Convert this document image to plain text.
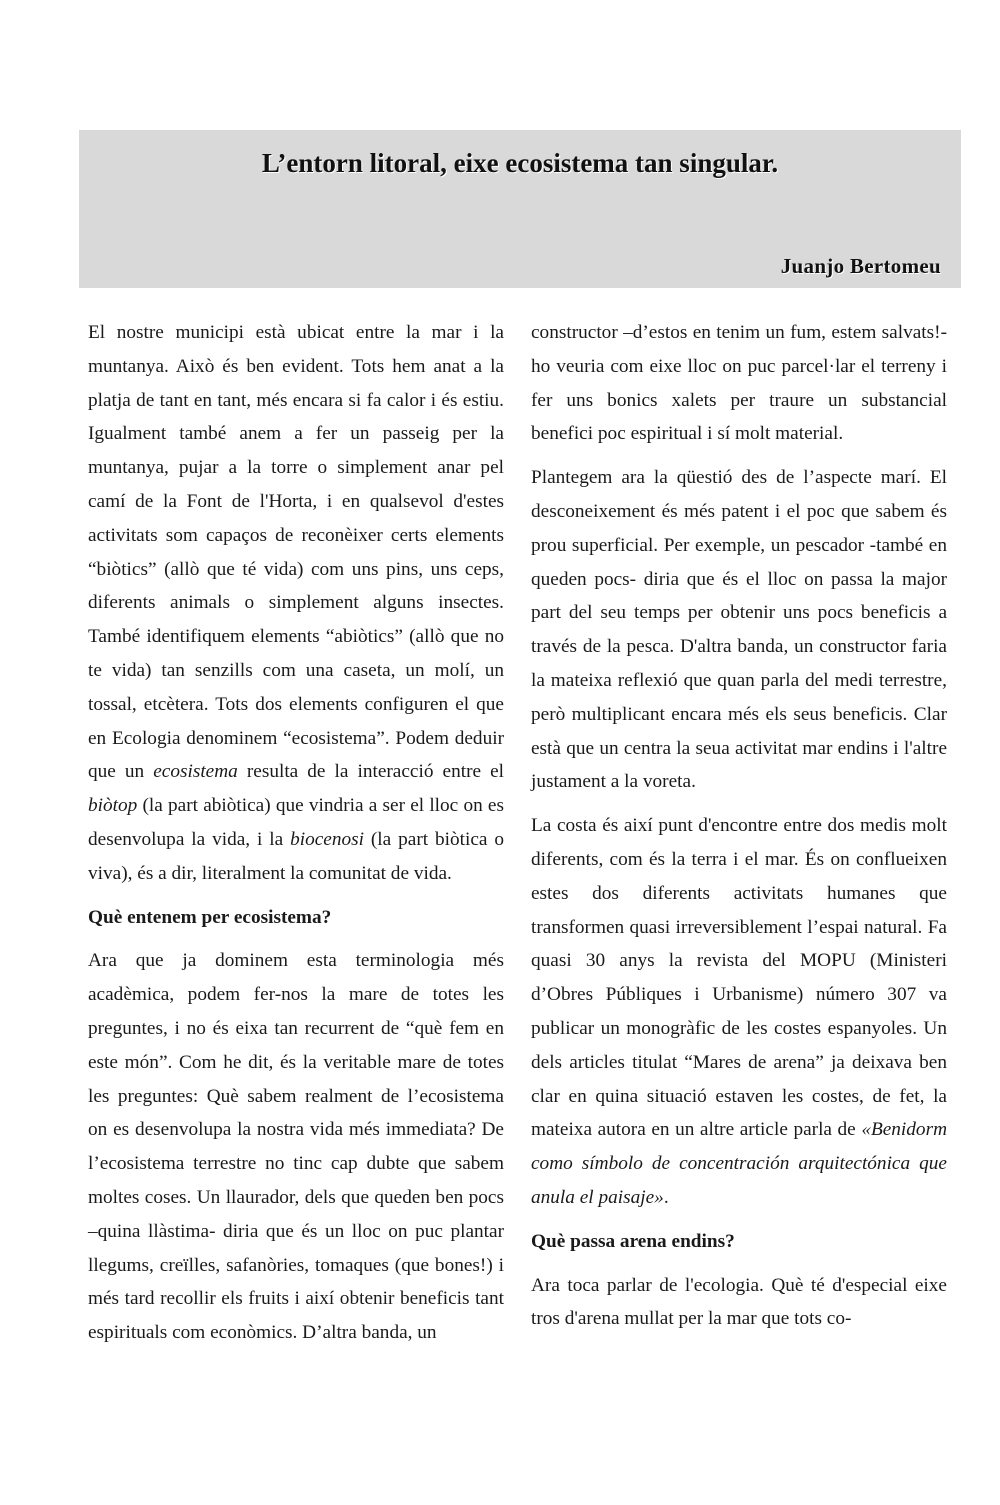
L’entorn litoral, eixe ecosistema tan singular.
Juanjo Bertomeu

El nostre municipi està ubicat entre la mar i la muntanya. Això és ben evident. Tots hem anat a la platja de tant en tant, més encara si fa calor i és estiu. Igualment també anem a fer un passeig per la muntanya, pujar a la torre o simplement anar pel camí de la Font de l'Horta, i en qualsevol d'estes activitats som capaços de reconèixer certs elements “biòtics” (allò que té vida) com uns pins, uns ceps, diferents animals o simplement alguns insectes. També identifiquem elements “abiòtics” (allò que no te vida) tan senzills com una caseta, un molí, un tossal, etcètera. Tots dos elements configuren el que en Ecologia denominem “ecosistema”. Podem deduir que un ecosistema resulta de la interacció entre el biòtop (la part abiòtica) que vindria a ser el lloc on es desenvolupa la vida, i la biocenosi (la part biòtica o viva), és a dir, literalment la comunitat de vida.

Què entenem per ecosistema?

Ara que ja dominem esta terminologia més acadèmica, podem fer-nos la mare de totes les preguntes, i no és eixa tan recurrent de “què fem en este món”. Com he dit, és la veritable mare de totes les preguntes: Què sabem realment de l’ecosistema on es desenvolupa la nostra vida més immediata? De l’ecosistema terrestre no tinc cap dubte que sabem moltes coses. Un llaurador, dels que queden ben pocs –quina llàstima- diria que és un lloc on puc plantar llegums, creïlles, safanòries, tomaques (que bones!) i més tard recollir els fruits i així obtenir beneficis tant espirituals com econòmics. D’altra banda, un

constructor –d’estos en tenim un fum, estem salvats!- ho veuria com eixe lloc on puc parcel·lar el terreny i fer uns bonics xalets per traure un substancial benefici poc espiritual i sí molt material.

Plantegem ara la qüestió des de l’aspecte marí. El desconeixement és més patent i el poc que sabem és prou superficial. Per exemple, un pescador -també en queden pocs- diria que és el lloc on passa la major part del seu temps per obtenir uns pocs beneficis a través de la pesca. D'altra banda, un constructor faria la mateixa reflexió que quan parla del medi terrestre, però multiplicant encara més els seus beneficis. Clar està que un centra la seua activitat mar endins i l'altre justament a la voreta.

La costa és així punt d'encontre entre dos medis molt diferents, com és la terra i el mar. És on conflueixen estes dos diferents activitats humanes que transformen quasi irreversiblement l’espai natural. Fa quasi 30 anys la revista del MOPU (Ministeri d’Obres Públiques i Urbanisme) número 307 va publicar un monogràfic de les costes espanyoles. Un dels articles titulat “Mares de arena” ja deixava ben clar en quina situació estaven les costes, de fet, la mateixa autora en un altre article parla de «Benidorm como símbolo de concentración arquitectónica que anula el paisaje».

Què passa arena endins?

Ara toca parlar de l'ecologia. Què té d'especial eixe tros d'arena mullat per la mar que tots co-
